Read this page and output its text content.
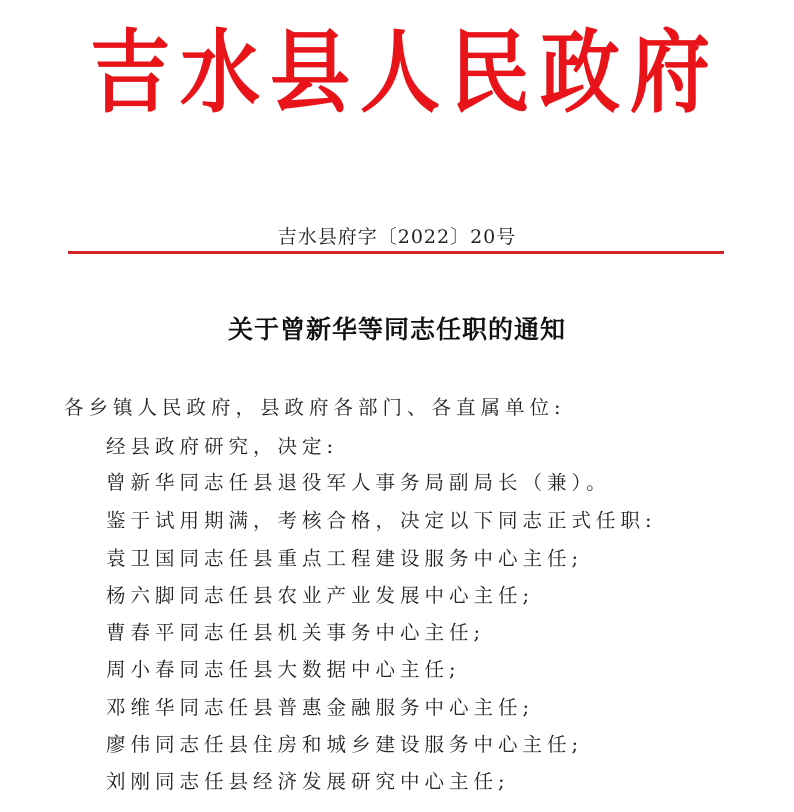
吉 水 县 人 民 政 府
吉水县府字〔2022〕20号
关于曾新华等同志任职的通知
各乡镇人民政府，县政府各部门、各直属单位:
经县政府研究，决定:
曾新华同志任县退役军人事务局副局长（兼）。
鉴于试用期满，考核合格，决定以下同志正式任职:
袁卫国同志任县重点工程建设服务中心主任;
杨六脚同志任县农业产业发展中心主任;
曹春平同志任县机关事务中心主任;
周小春同志任县大数据中心主任;
邓维华同志任县普惠金融服务中心主任;
廖伟同志任县住房和城乡建设服务中心主任;
刘刚同志任县经济发展研究中心主任;
